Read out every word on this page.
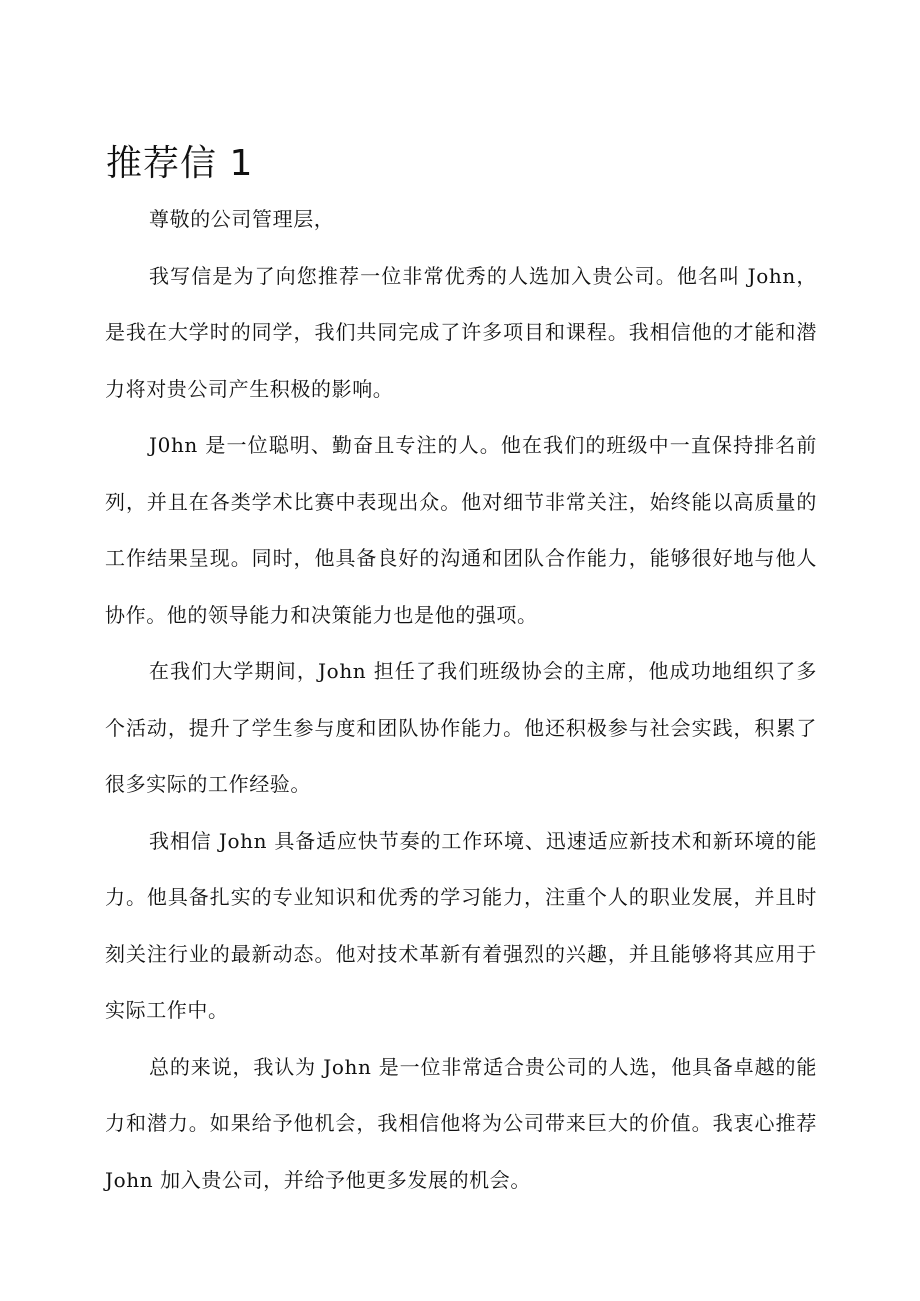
推荐信 1

尊敬的公司管理层，

我写信是为了向您推荐一位非常优秀的人选加入贵公司。他名叫 John，是我在大学时的同学，我们共同完成了许多项目和课程。我相信他的才能和潜力将对贵公司产生积极的影响。

J0hn 是一位聪明、勤奋且专注的人。他在我们的班级中一直保持排名前列，并且在各类学术比赛中表现出众。他对细节非常关注，始终能以高质量的工作结果呈现。同时，他具备良好的沟通和团队合作能力，能够很好地与他人协作。他的领导能力和决策能力也是他的强项。

在我们大学期间，John 担任了我们班级协会的主席，他成功地组织了多个活动，提升了学生参与度和团队协作能力。他还积极参与社会实践，积累了很多实际的工作经验。

我相信 John 具备适应快节奏的工作环境、迅速适应新技术和新环境的能力。他具备扎实的专业知识和优秀的学习能力，注重个人的职业发展，并且时刻关注行业的最新动态。他对技术革新有着强烈的兴趣，并且能够将其应用于实际工作中。

总的来说，我认为 John 是一位非常适合贵公司的人选，他具备卓越的能力和潜力。如果给予他机会，我相信他将为公司带来巨大的价值。我衷心推荐 John 加入贵公司，并给予他更多发展的机会。
